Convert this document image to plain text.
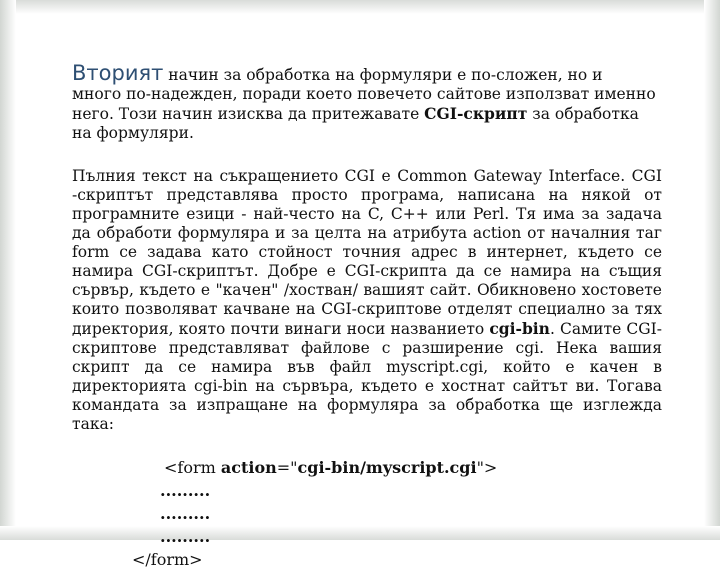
Вторият начин за обработка на формуляри е по-сложен, но и
много по-надежден, поради което повечето сайтове използват именно него. Този начин изисква да притежавате CGI-скрипт за обработка на формуляри.

Пълния текст на съкращението CGI е Common Gateway Interface. CGI -скриптът представлява просто програма, написана на някой от програмните езици - най-често на C, C++ или Perl. Тя има за задача да обработи формуляра и за целта на атрибута action от началния таг form се задава като стойност точния адрес в интернет, където се намира CGI-скриптът. Добре е CGI-скрипта да се намира на същия сървър, където е "качен" /хостван/ вашият сайт. Обикновено хостовете които позволяват качване на CGI-скриптове отделят специално за тях директория, която почти винаги носи названието cgi-bin. Самите CGI-скриптове представляват файлове с разширение cgi. Нека вашия скрипт да се намира във файл myscript.cgi, който е качен в директорията cgi-bin на сървъра, където е хостнат сайтът ви. Тогава командата за изпращане на формуляра за обработка ще изглежда така:

<form action="cgi-bin/myscript.cgi">
.........
.........
.........
</form>
